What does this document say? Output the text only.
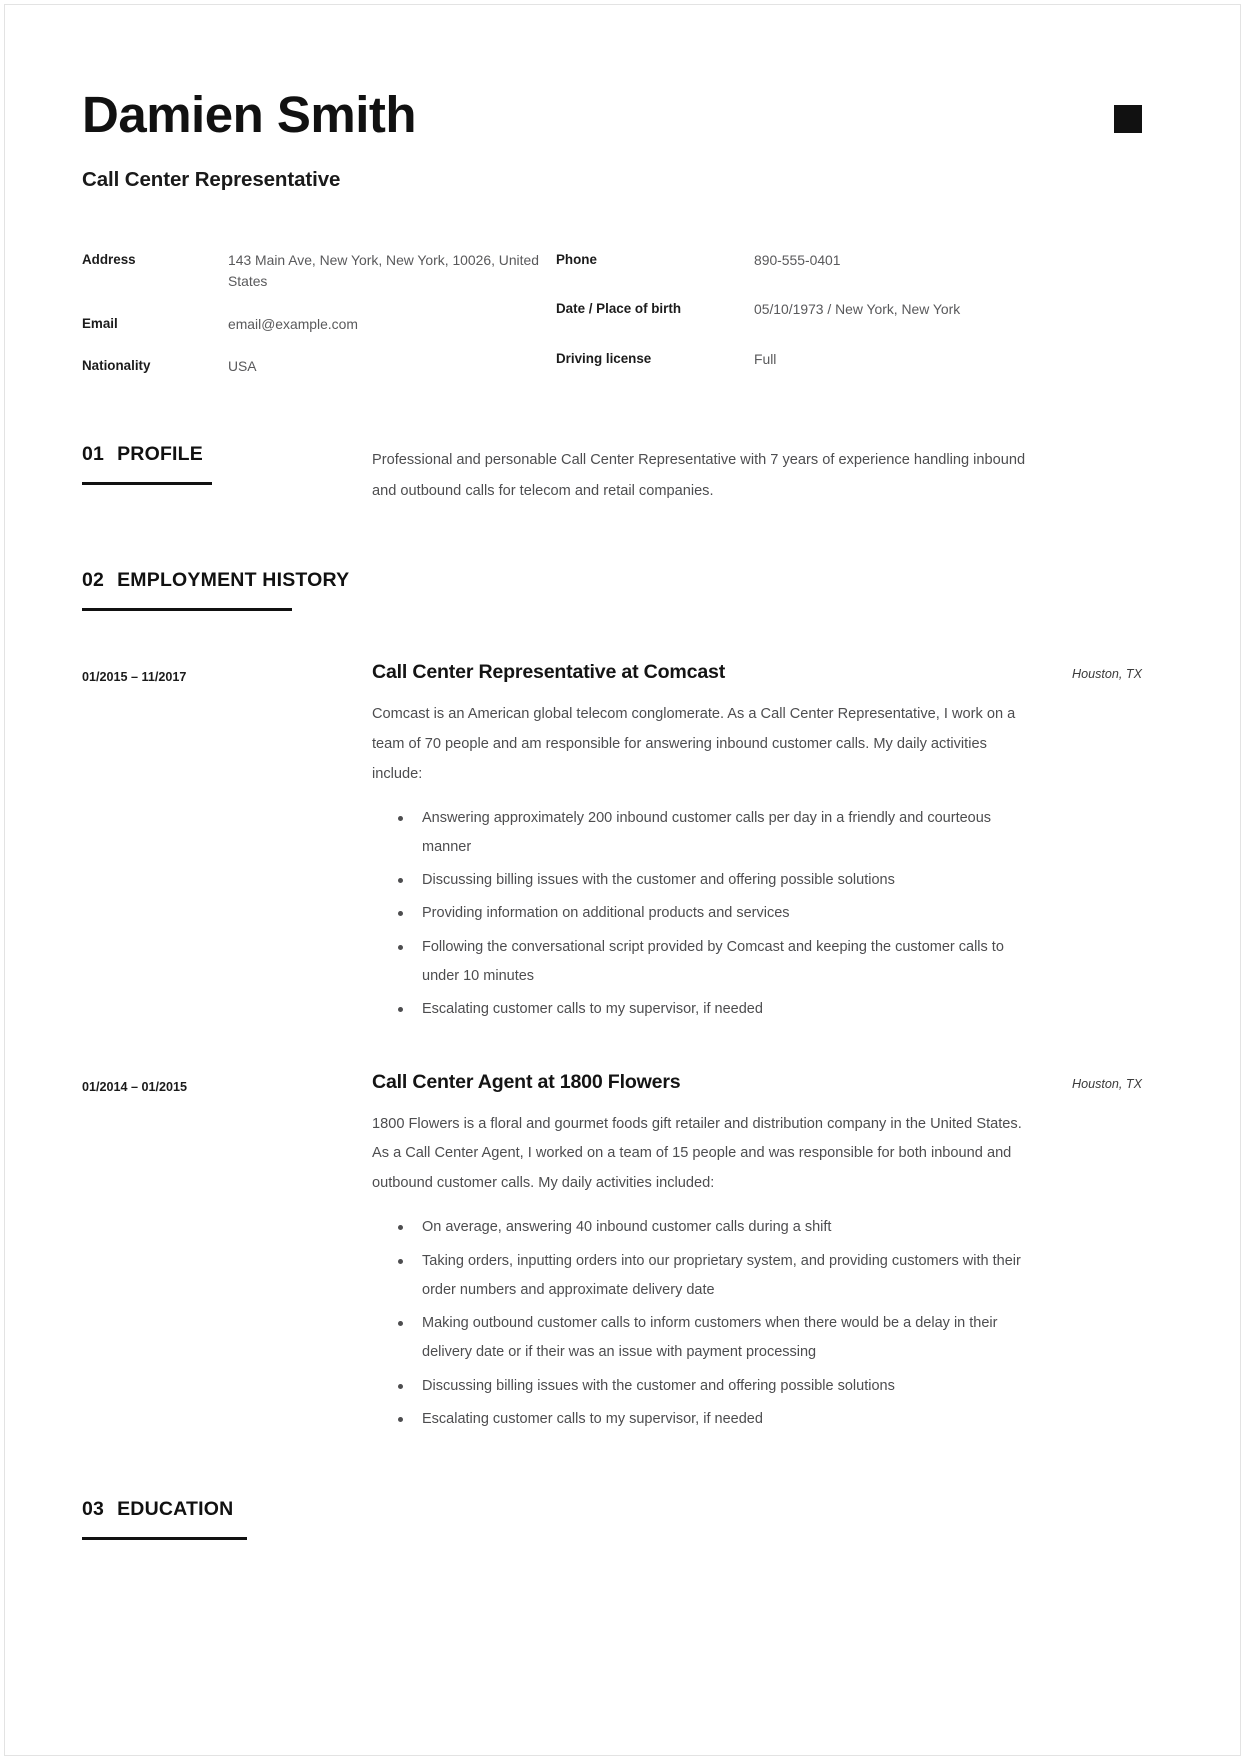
Damien Smith
Call Center Representative
Address	143 Main Ave, New York, New York, 10026, United States
Email	email@example.com
Nationality	USA
Phone	890-555-0401
Date / Place of birth	05/10/1973 / New York, New York
Driving license	Full
01 PROFILE	Professional and personable Call Center Representative with 7 years of experience handling inbound and outbound calls for telecom and retail companies.
02 EMPLOYMENT HISTORY
01/2015 – 11/2017	Call Center Representative at Comcast	Houston, TX
Comcast is an American global telecom conglomerate. As a Call Center Representative, I work on a team of 70 people and am responsible for answering inbound customer calls. My daily activities include:
Answering approximately 200 inbound customer calls per day in a friendly and courteous manner
Discussing billing issues with the customer and offering possible solutions
Providing information on additional products and services
Following the conversational script provided by Comcast and keeping the customer calls to under 10 minutes
Escalating customer calls to my supervisor, if needed
01/2014 – 01/2015	Call Center Agent at 1800 Flowers	Houston, TX
1800 Flowers is a floral and gourmet foods gift retailer and distribution company in the United States. As a Call Center Agent, I worked on a team of 15 people and was responsible for both inbound and outbound customer calls. My daily activities included:
On average, answering 40 inbound customer calls during a shift
Taking orders, inputting orders into our proprietary system, and providing customers with their order numbers and approximate delivery date
Making outbound customer calls to inform customers when there would be a delay in their delivery date or if their was an issue with payment processing
Discussing billing issues with the customer and offering possible solutions
Escalating customer calls to my supervisor, if needed
03 EDUCATION
